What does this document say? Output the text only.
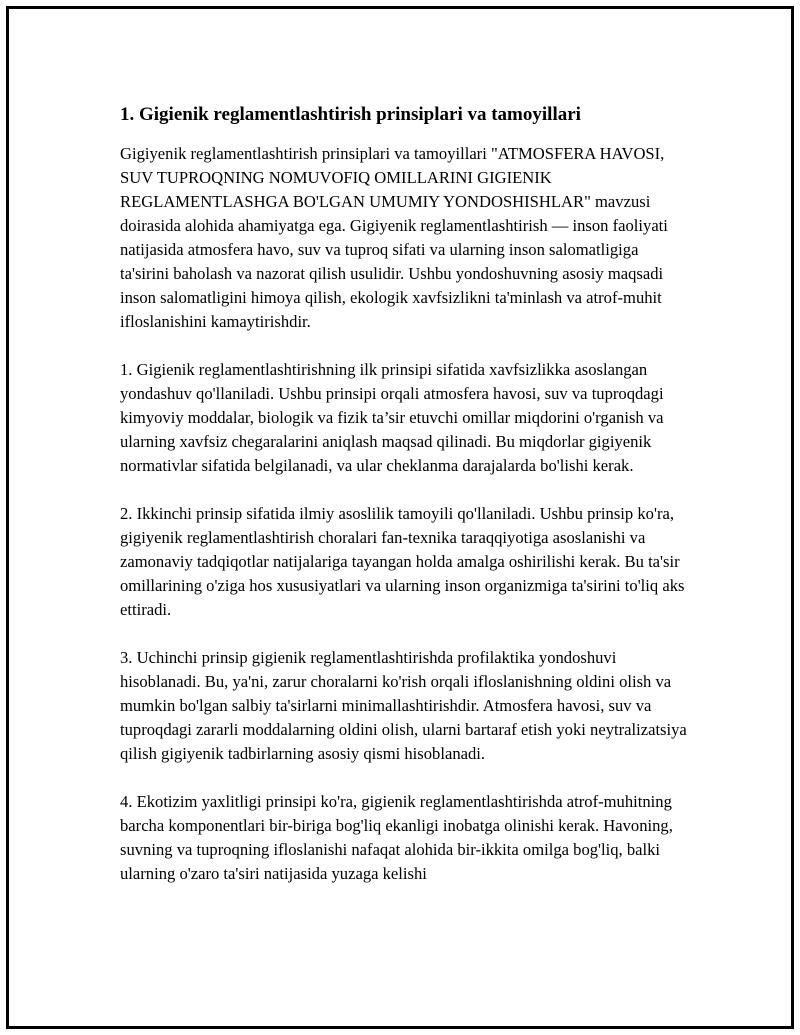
1. Gigienik reglamentlashtirish prinsiplari va tamoyillari

Gigiyenik reglamentlashtirish prinsiplari va tamoyillari "ATMOSFERA HAVOSI, SUV TUPROQNING NOMUVOFIQ OMILLARINI GIGIENIK REGLAMENTLASHGA BO'LGAN UMUMIY YONDOSHISHLAR" mavzusi doirasida alohida ahamiyatga ega. Gigiyenik reglamentlashtirish — inson faoliyati natijasida atmosfera havo, suv va tuproq sifati va ularning inson salomatligiga ta'sirini baholash va nazorat qilish usulidir. Ushbu yondoshuvning asosiy maqsadi inson salomatligini himoya qilish, ekologik xavfsizlikni ta'minlash va atrof-muhit ifloslanishini kamaytirishdir.

1. Gigienik reglamentlashtirishning ilk prinsipi sifatida xavfsizlikka asoslangan yondashuv qo'llaniladi. Ushbu prinsipi orqali atmosfera havosi, suv va tuproqdagi kimyoviy moddalar, biologik va fizik ta’sir etuvchi omillar miqdorini o'rganish va ularning xavfsiz chegaralarini aniqlash maqsad qilinadi. Bu miqdorlar gigiyenik normativlar sifatida belgilanadi, va ular cheklanma darajalarda bo'lishi kerak.

2. Ikkinchi prinsip sifatida ilmiy asoslilik tamoyili qo'llaniladi. Ushbu prinsip ko'ra, gigiyenik reglamentlashtirish choralari fan-texnika taraqqiyotiga asoslanishi va zamonaviy tadqiqotlar natijalariga tayangan holda amalga oshirilishi kerak. Bu ta'sir omillarining o'ziga hos xususiyatlari va ularning inson organizmiga ta'sirini to'liq aks ettiradi.

3. Uchinchi prinsip gigienik reglamentlashtirishda profilaktika yondoshuvi hisoblanadi. Bu, ya'ni, zarur choralarni ko'rish orqali ifloslanishning oldini olish va mumkin bo'lgan salbiy ta'sirlarni minimallashtirishdir. Atmosfera havosi, suv va tuproqdagi zararli moddalarning oldini olish, ularni bartaraf etish yoki neytralizatsiya qilish gigiyenik tadbirlarning asosiy qismi hisoblanadi.

4. Ekotizim yaxlitligi prinsipi ko'ra, gigienik reglamentlashtirishda atrof-muhitning barcha komponentlari bir-biriga bog'liq ekanligi inobatga olinishi kerak. Havoning, suvning va tuproqning ifloslanishi nafaqat alohida bir-ikkita omilga bog'liq, balki ularning o'zaro ta'siri natijasida yuzaga kelishi
